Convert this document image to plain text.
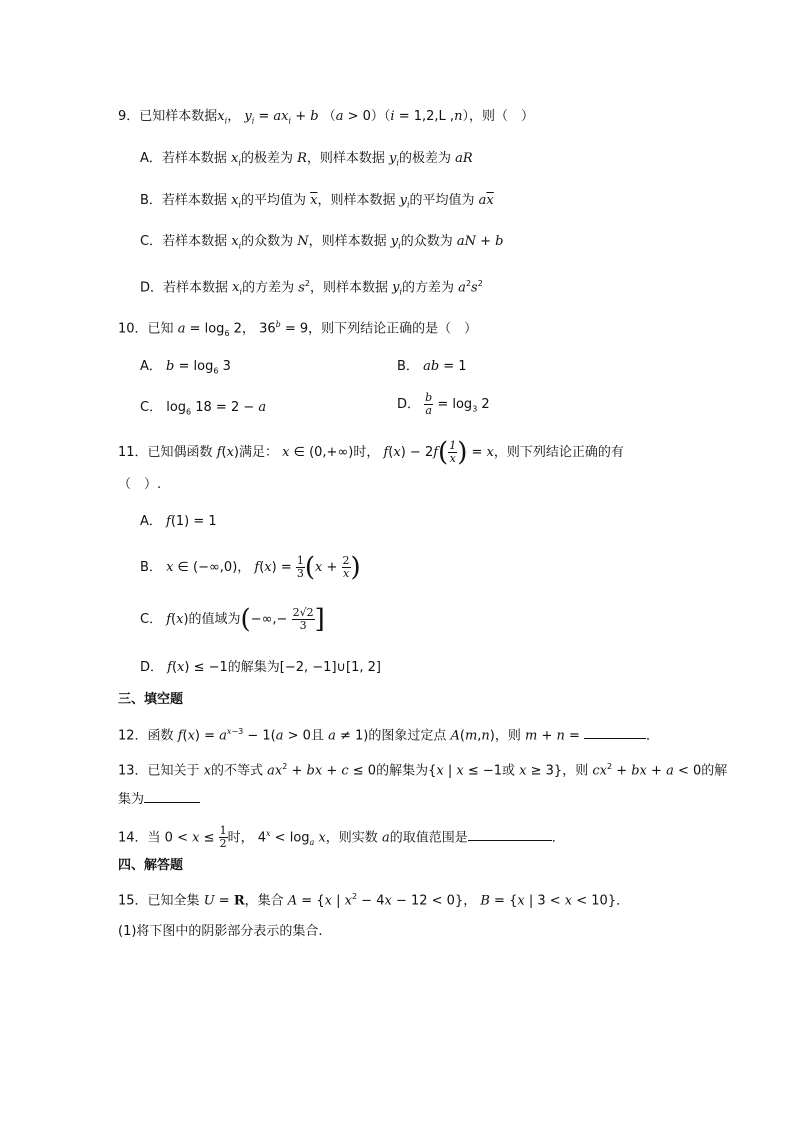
9．已知样本数据$x_i$， $y_i = ax_i + b$ （a > 0）（i = 1,2,L ,n），则（　）
A．若样本数据 $x_i$的极差为 R，则样本数据 $y_i$的极差为 aR
B．若样本数据 $x_i$的平均值为 $\overline{x}$，则样本数据 $y_i$的平均值为 $a\overline{x}$
C．若样本数据 $x_i$的众数为 N，则样本数据 $y_i$的众数为 aN + b
D．若样本数据 $x_i$的方差为 $s^2$，则样本数据 $y_i$的方差为 $a^2s^2$
10．已知 $a = \log_6 2$， $36^b = 9$，则下列结论正确的是（　）
A． $b = \log_6 3$	B． ab = 1
C． $\log_6 18 = 2 - a$	D． $\frac{b}{a} = \log_3 2$
11．已知偶函数 f(x)满足： x ∈ (0,+∞)时， $f(x) - 2f( \frac{1}{x}$ ) = x，则下列结论正确的有
（　）.
A． f(1) = 1
B． x ∈ (−∞,0)， $f(x) = \frac{1}{3} (x + \frac{2}{x}$ )
C． f(x)的值域为(−∞,− $\frac{2√2}{3}$ ]
D． f(x) ≤ −1的解集为[−2, −1]∪[1, 2]
三、填空题
12．函数 $f(x) = a^{x-3} - 1(a > 0$且 a ≠ 1)的图象过定点 A(m,n)，则 m + n =	．
13．已知关于 x的不等式 $ax^2$ + bx + c ≤ 0的解集为{x | x ≤ −1或 x ≥ 3}，则 $cx^2$ + bx + a < 0的解
集为
14．当 $0 < x \le \frac{1}{2}$ 时， $4^x < \log_a x$，则实数 a的取值范围是	．
四、解答题
15．已知全集 U = R，集合 A = {x | $x^2 - 4x - 12 < 0$}， B = {x | 3 < x < 10}．
(1)将下图中的阴影部分表示的集合.
